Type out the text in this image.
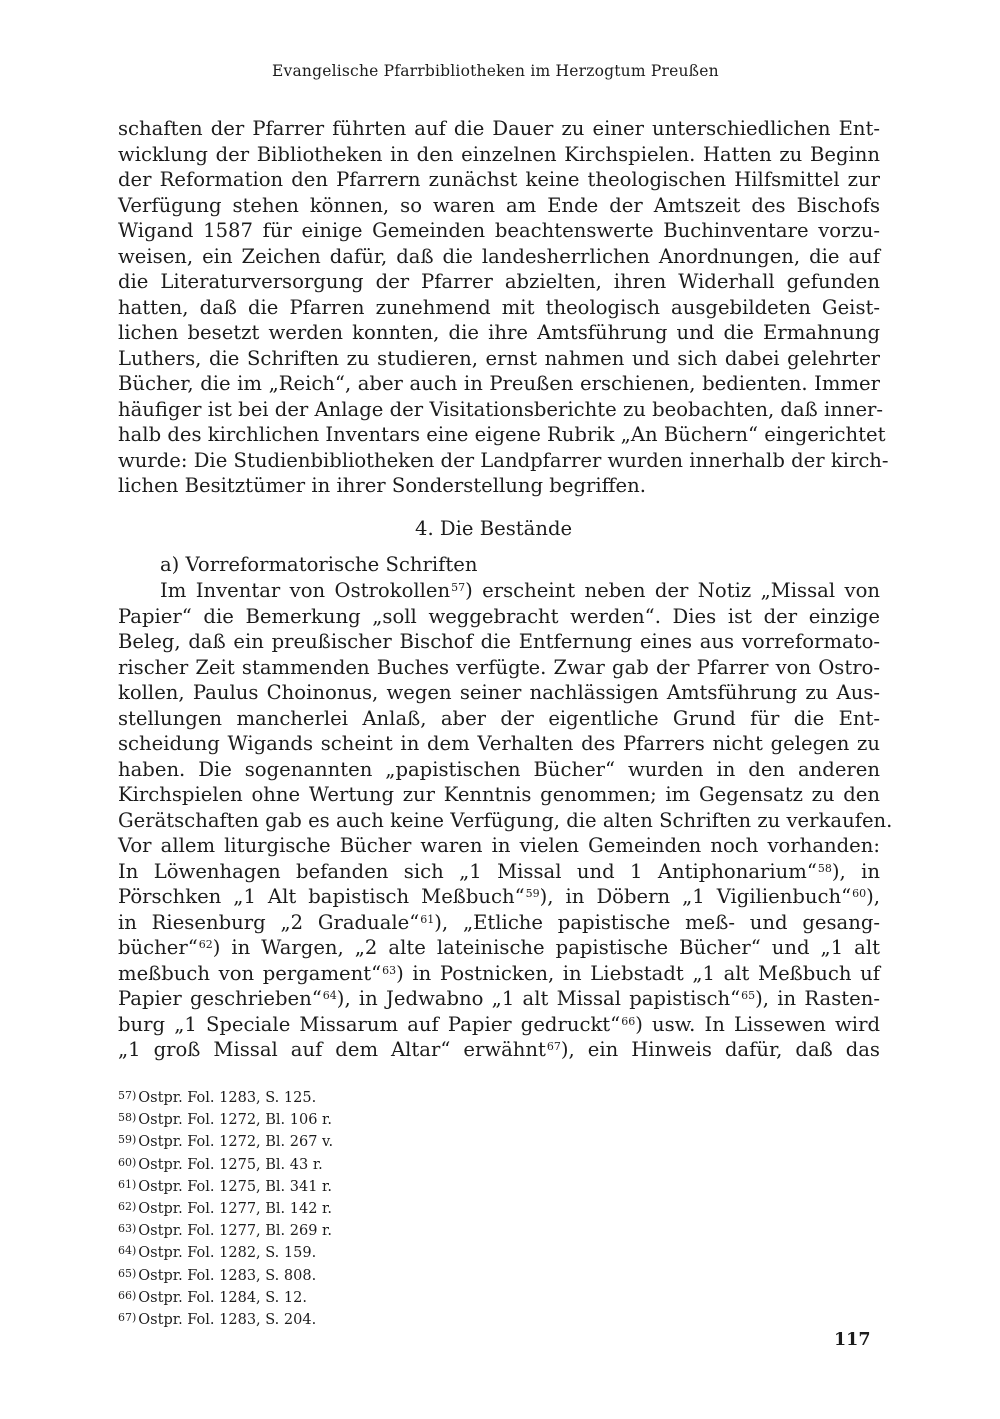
Evangelische Pfarrbibliotheken im Herzogtum Preußen
schaften der Pfarrer führten auf die Dauer zu einer unterschiedlichen Ent-
wicklung der Bibliotheken in den einzelnen Kirchspielen. Hatten zu Beginn
der Reformation den Pfarrern zunächst keine theologischen Hilfsmittel zur
Verfügung stehen können, so waren am Ende der Amtszeit des Bischofs
Wigand 1587 für einige Gemeinden beachtenswerte Buchinventare vorzu-
weisen, ein Zeichen dafür, daß die landesherrlichen Anordnungen, die auf
die Literaturversorgung der Pfarrer abzielten, ihren Widerhall gefunden
hatten, daß die Pfarren zunehmend mit theologisch ausgebildeten Geist-
lichen besetzt werden konnten, die ihre Amtsführung und die Ermahnung
Luthers, die Schriften zu studieren, ernst nahmen und sich dabei gelehrter
Bücher, die im „Reich“, aber auch in Preußen erschienen, bedienten. Immer
häufiger ist bei der Anlage der Visitationsberichte zu beobachten, daß inner-
halb des kirchlichen Inventars eine eigene Rubrik „An Büchern“ eingerichtet
wurde: Die Studienbibliotheken der Landpfarrer wurden innerhalb der kirch-
lichen Besitztümer in ihrer Sonderstellung begriffen.
4. Die Bestände
a) Vorreformatorische Schriften
Im Inventar von Ostrokollen$^{57}$) erscheint neben der Notiz „Missal von
Papier“ die Bemerkung „soll weggebracht werden“. Dies ist der einzige
Beleg, daß ein preußischer Bischof die Entfernung eines aus vorreformato-
rischer Zeit stammenden Buches verfügte. Zwar gab der Pfarrer von Ostro-
kollen, Paulus Choinonus, wegen seiner nachlässigen Amtsführung zu Aus-
stellungen mancherlei Anlaß, aber der eigentliche Grund für die Ent-
scheidung Wigands scheint in dem Verhalten des Pfarrers nicht gelegen zu
haben. Die sogenannten „papistischen Bücher“ wurden in den anderen
Kirchspielen ohne Wertung zur Kenntnis genommen; im Gegensatz zu den
Gerätschaften gab es auch keine Verfügung, die alten Schriften zu verkaufen.
Vor allem liturgische Bücher waren in vielen Gemeinden noch vorhanden:
In Löwenhagen befanden sich „1 Missal und 1 Antiphonarium“$^{58}$), in
Pörschken „1 Alt bapistisch Meßbuch“$^{59}$), in Döbern „1 Vigilienbuch“$^{60}$),
in Riesenburg „2 Graduale“$^{61}$), „Etliche papistische meß- und gesang-
bücher“$^{62}$) in Wargen, „2 alte lateinische papistische Bücher“ und „1 alt
meßbuch von pergament“$^{63}$) in Postnicken, in Liebstadt „1 alt Meßbuch uf
Papier geschrieben“$^{64}$), in Jedwabno „1 alt Missal papistisch“$^{65}$), in Rasten-
burg „1 Speciale Missarum auf Papier gedruckt“$^{66}$) usw. In Lissewen wird
„1 groß Missal auf dem Altar“ erwähnt$^{67}$), ein Hinweis dafür, daß das
$^{57)}$ Ostpr. Fol. 1283, S. 125.
$^{58)}$ Ostpr. Fol. 1272, Bl. 106 r.
$^{59)}$ Ostpr. Fol. 1272, Bl. 267 v.
$^{60)}$ Ostpr. Fol. 1275, Bl. 43 r.
$^{61)}$ Ostpr. Fol. 1275, Bl. 341 r.
$^{62)}$ Ostpr. Fol. 1277, Bl. 142 r.
$^{63)}$ Ostpr. Fol. 1277, Bl. 269 r.
$^{64)}$ Ostpr. Fol. 1282, S. 159.
$^{65)}$ Ostpr. Fol. 1283, S. 808.
$^{66)}$ Ostpr. Fol. 1284, S. 12.
$^{67)}$ Ostpr. Fol. 1283, S. 204.
117
